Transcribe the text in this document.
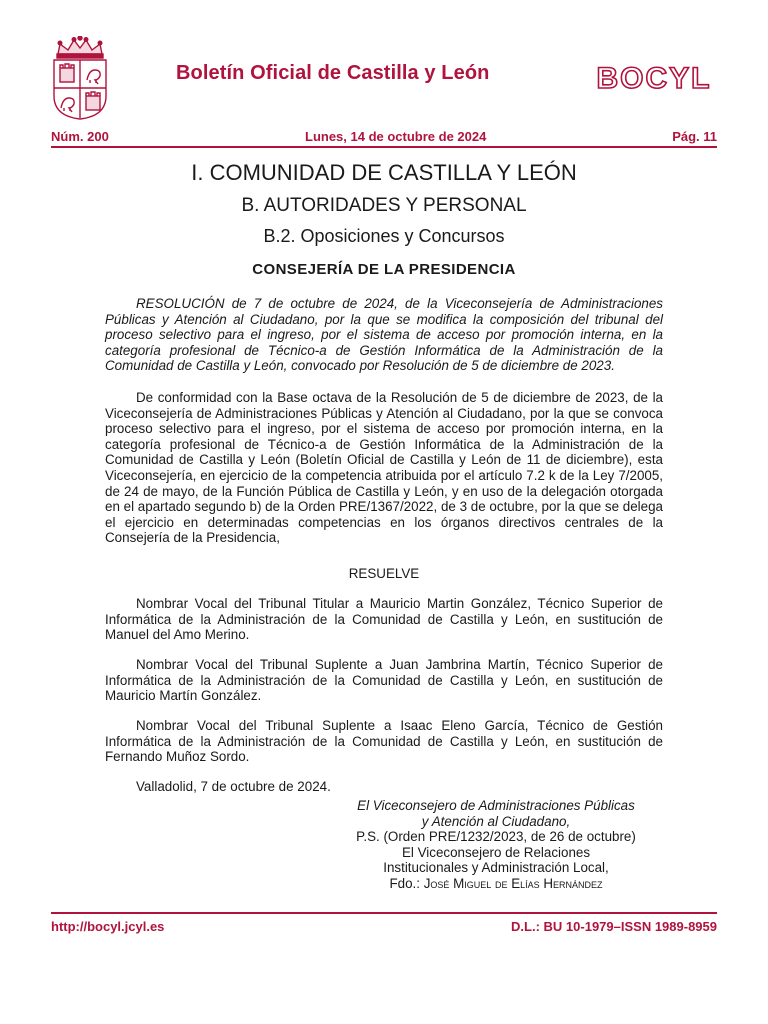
Boletín Oficial de Castilla y León	BOCYL
Núm. 200	Lunes, 14 de octubre de 2024	Pág. 11
I. COMUNIDAD DE CASTILLA Y LEÓN
B. AUTORIDADES Y PERSONAL
B.2. Oposiciones y Concursos
CONSEJERÍA DE LA PRESIDENCIA

RESOLUCIÓN de 7 de octubre de 2024, de la Viceconsejería de Administraciones Públicas y Atención al Ciudadano, por la que se modifica la composición del tribunal del proceso selectivo para el ingreso, por el sistema de acceso por promoción interna, en la categoría profesional de Técnico-a de Gestión Informática de la Administración de la Comunidad de Castilla y León, convocado por Resolución de 5 de diciembre de 2023.

De conformidad con la Base octava de la Resolución de 5 de diciembre de 2023, de la Viceconsejería de Administraciones Públicas y Atención al Ciudadano, por la que se convoca proceso selectivo para el ingreso, por el sistema de acceso por promoción interna, en la categoría profesional de Técnico-a de Gestión Informática de la Administración de la Comunidad de Castilla y León (Boletín Oficial de Castilla y León de 11 de diciembre), esta Viceconsejería, en ejercicio de la competencia atribuida por el artículo 7.2 k de la Ley 7/2005, de 24 de mayo, de la Función Pública de Castilla y León, y en uso de la delegación otorgada en el apartado segundo b) de la Orden PRE/1367/2022, de 3 de octubre, por la que se delega el ejercicio en determinadas competencias en los órganos directivos centrales de la Consejería de la Presidencia,

RESUELVE

Nombrar Vocal del Tribunal Titular a Mauricio Martin González, Técnico Superior de Informática de la Administración de la Comunidad de Castilla y León, en sustitución de Manuel del Amo Merino.

Nombrar Vocal del Tribunal Suplente a Juan Jambrina Martín, Técnico Superior de Informática de la Administración de la Comunidad de Castilla y León, en sustitución de Mauricio Martín González.

Nombrar Vocal del Tribunal Suplente a Isaac Eleno García, Técnico de Gestión Informática de la Administración de la Comunidad de Castilla y León, en sustitución de Fernando Muñoz Sordo.

Valladolid, 7 de octubre de 2024.
El Viceconsejero de Administraciones Públicas
y Atención al Ciudadano,
P.S. (Orden PRE/1232/2023, de 26 de octubre)
El Viceconsejero de Relaciones
Institucionales y Administración Local,
Fdo.: José Miguel de Elías Hernández
http://bocyl.jcyl.es	D.L.: BU 10-1979–ISSN 1989-8959
